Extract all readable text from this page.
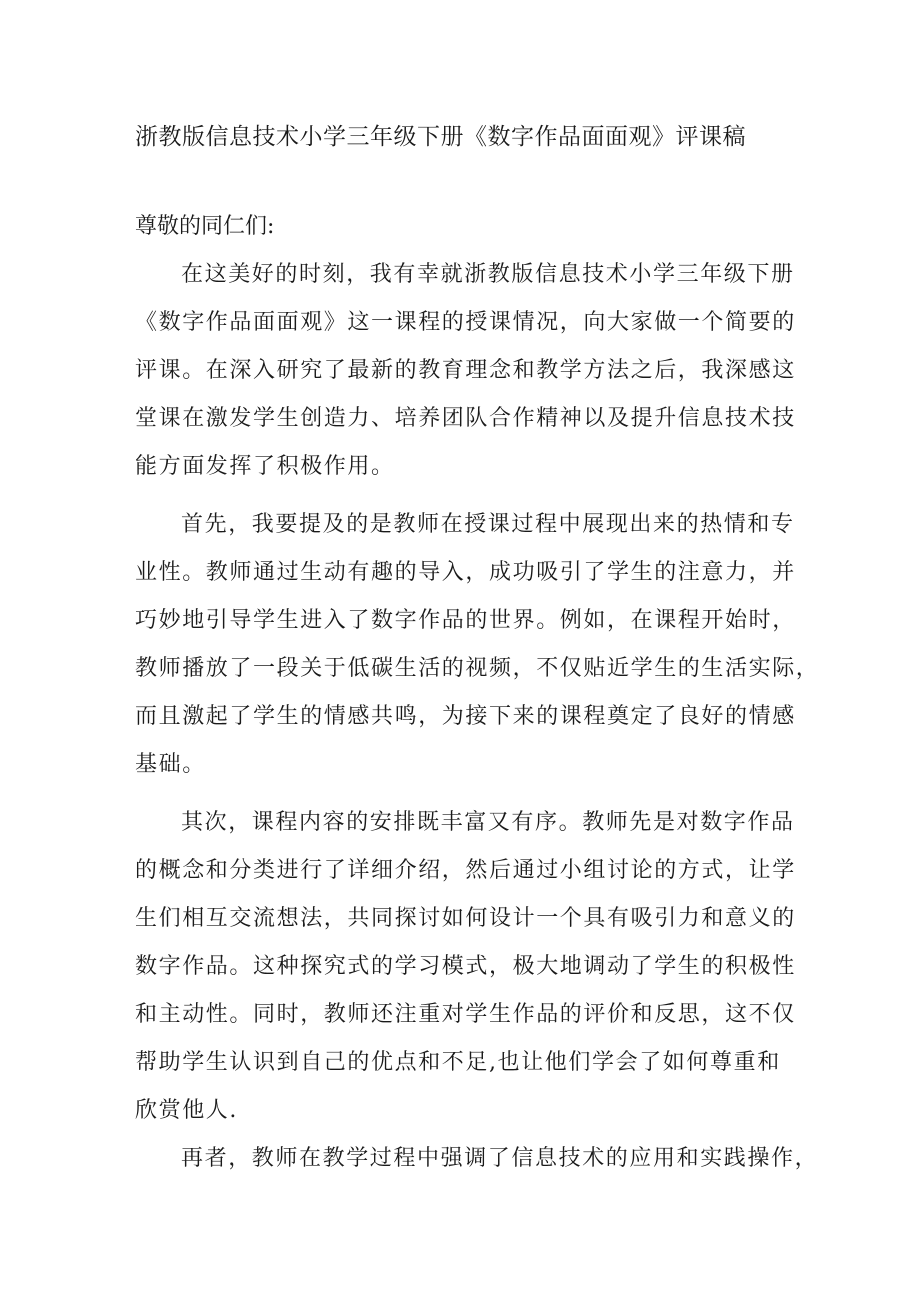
浙教版信息技术小学三年级下册《数字作品面面观》评课稿
尊敬的同仁们:
在这美好的时刻，我有幸就浙教版信息技术小学三年级下册
《数字作品面面观》这一课程的授课情况，向大家做一个简要的
评课。在深入研究了最新的教育理念和教学方法之后，我深感这
堂课在激发学生创造力、培养团队合作精神以及提升信息技术技
能方面发挥了积极作用。
首先，我要提及的是教师在授课过程中展现出来的热情和专
业性。教师通过生动有趣的导入，成功吸引了学生的注意力，并
巧妙地引导学生进入了数字作品的世界。例如，在课程开始时，
教师播放了一段关于低碳生活的视频，不仅贴近学生的生活实际，
而且激起了学生的情感共鸣，为接下来的课程奠定了良好的情感
基础。
其次，课程内容的安排既丰富又有序。教师先是对数字作品
的概念和分类进行了详细介绍，然后通过小组讨论的方式，让学
生们相互交流想法，共同探讨如何设计一个具有吸引力和意义的
数字作品。这种探究式的学习模式，极大地调动了学生的积极性
和主动性。同时，教师还注重对学生作品的评价和反思，这不仅
帮助学生认识到自己的优点和不足,也让他们学会了如何尊重和
欣赏他人.
再者，教师在教学过程中强调了信息技术的应用和实践操作，
